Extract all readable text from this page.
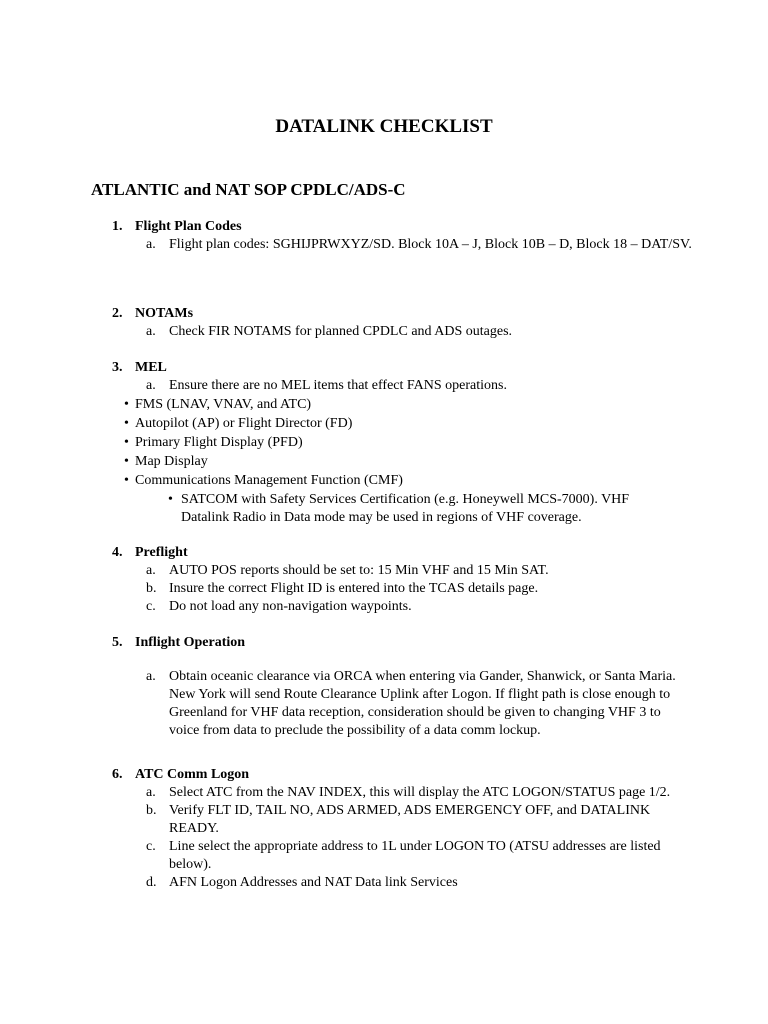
DATALINK CHECKLIST
ATLANTIC and NAT SOP CPDLC/ADS-C
1. Flight Plan Codes
a. Flight plan codes: SGHIJPRWXYZ/SD. Block 10A – J, Block 10B – D, Block 18 – DAT/SV.
2. NOTAMs
a. Check FIR NOTAMS for planned CPDLC and ADS outages.
3. MEL
a. Ensure there are no MEL items that effect FANS operations.
• FMS (LNAV, VNAV, and ATC)
• Autopilot (AP) or Flight Director (FD)
• Primary Flight Display (PFD)
• Map Display
• Communications Management Function (CMF)
• SATCOM with Safety Services Certification (e.g. Honeywell MCS-7000). VHF Datalink Radio in Data mode may be used in regions of VHF coverage.
4. Preflight
a. AUTO POS reports should be set to: 15 Min VHF and 15 Min SAT.
b. Insure the correct Flight ID is entered into the TCAS details page.
c. Do not load any non-navigation waypoints.
5. Inflight Operation
a. Obtain oceanic clearance via ORCA when entering via Gander, Shanwick, or Santa Maria. New York will send Route Clearance Uplink after Logon. If flight path is close enough to Greenland for VHF data reception, consideration should be given to changing VHF 3 to voice from data to preclude the possibility of a data comm lockup.
6. ATC Comm Logon
a. Select ATC from the NAV INDEX, this will display the ATC LOGON/STATUS page 1/2.
b. Verify FLT ID, TAIL NO, ADS ARMED, ADS EMERGENCY OFF, and DATALINK READY.
c. Line select the appropriate address to 1L under LOGON TO (ATSU addresses are listed below).
d. AFN Logon Addresses and NAT Data link Services
